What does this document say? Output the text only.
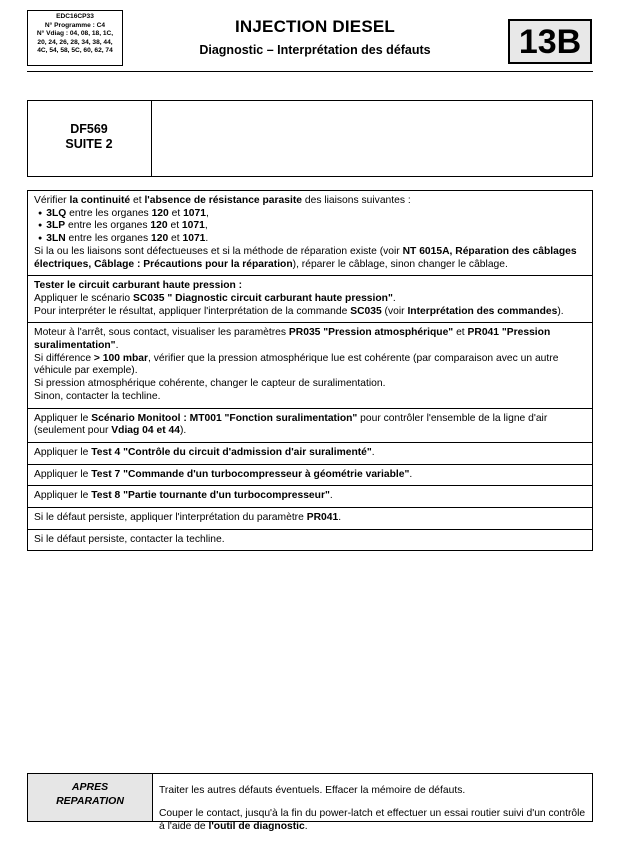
EDC16CP33
N° Programme : C4
N° Vdiag : 04, 08, 18, 1C,
20, 24, 26, 28, 34, 38, 44,
4C, 54, 58, 5C, 60, 62, 74
INJECTION DIESEL
Diagnostic – Interprétation des défauts	13B
DF569
SUITE 2

Vérifier la continuité et l'absence de résistance parasite des liaisons suivantes :

● 3LQ entre les organes 120 et 1071,

● 3LP entre les organes 120 et 1071,

● 3LN entre les organes 120 et 1071.

Si la ou les liaisons sont défectueuses et si la méthode de réparation existe (voir NT 6015A, Réparation des câblages électriques, Câblage : Précautions pour la réparation), réparer le câblage, sinon changer le câblage.

Tester le circuit carburant haute pression :

Appliquer le scénario SC035 " Diagnostic circuit carburant haute pression".

Pour interpréter le résultat, appliquer l'interprétation de la commande SC035 (voir Interprétation des commandes).

Moteur à l'arrêt, sous contact, visualiser les paramètres PR035 "Pression atmosphérique" et PR041 "Pression suralimentation".

Si différence > 100 mbar, vérifier que la pression atmosphérique lue est cohérente (par comparaison avec un autre véhicule par exemple).

Si pression atmosphérique cohérente, changer le capteur de suralimentation.

Sinon, contacter la techline.

Appliquer le Scénario Monitool : MT001 "Fonction suralimentation" pour contrôler l'ensemble de la ligne d'air (seulement pour Vdiag 04 et 44).

Appliquer le Test 4 "Contrôle du circuit d'admission d'air suralimenté".

Appliquer le Test 7 "Commande d'un turbocompresseur à géométrie variable".

Appliquer le Test 8 "Partie tournante d'un turbocompresseur".

Si le défaut persiste, appliquer l'interprétation du paramètre PR041.

Si le défaut persiste, contacter la techline.

APRES
REPARATION

Traiter les autres défauts éventuels. Effacer la mémoire de défauts.

Couper le contact, jusqu'à la fin du power-latch et effectuer un essai routier suivi d'un contrôle à l'aide de l'outil de diagnostic.
